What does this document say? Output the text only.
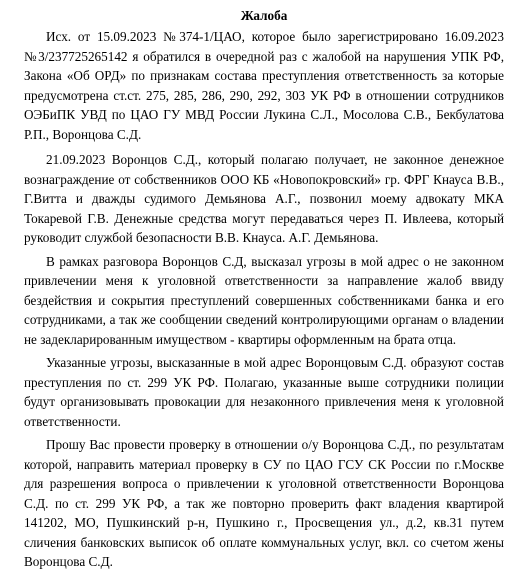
Жалоба

Исх. от 15.09.2023 №374-1/ЦАО, которое было зарегистрировано 16.09.2023 №3/237725265142 я обратился в очередной раз с жалобой на нарушения УПК РФ, Закона «Об ОРД» по признакам состава преступления ответственность за которые предусмотрена ст.ст. 275, 285, 286, 290, 292, 303 УК РФ в отношении сотрудников ОЭБиПК УВД по ЦАО ГУ МВД России Лукина С.Л., Мосолова С.В., Бекбулатова Р.П., Воронцова С.Д.

21.09.2023 Воронцов С.Д., который полагаю получает, не законное денежное вознаграждение от собственников ООО КБ «Новопокровский» гр. ФРГ Кнауса В.В., Г.Витта и дважды судимого Демьянова А.Г., позвонил моему адвокату МКА Токаревой Г.В. Денежные средства могут передаваться через П. Ивлеева, который руководит службой безопасности В.В. Кнауса. А.Г. Демьянова.

В рамках разговора Воронцов С.Д, высказал угрозы в мой адрес о не законном привлечении меня к уголовной ответственности за направление жалоб ввиду бездействия и сокрытия преступлений совершенных собственниками банка и его сотрудниками, а так же сообщении сведений контролирующими органам о владении не задекларированным имуществом - квартиры оформленным на брата отца.

Указанные угрозы, высказанные в мой адрес Воронцовым С.Д. образуют состав преступления по ст. 299 УК РФ. Полагаю, указанные выше сотрудники полиции будут организовывать провокации для незаконного привлечения меня к уголовной ответственности.

Прошу Вас провести проверку в отношении о/у Воронцова С.Д., по результатам которой, направить материал проверку в СУ по ЦАО ГСУ СК России по г.Москве для разрешения вопроса о привлечении к уголовной ответственности Воронцова С.Д. по ст. 299 УК РФ, а так же повторно проверить факт владения квартирой 141202, МО, Пушкинский р-н, Пушкино г., Просвещения ул., д.2, кв.31 путем сличения банковских выписок об оплате коммунальных услуг, вкл. со счетом жены Воронцова С.Д.
